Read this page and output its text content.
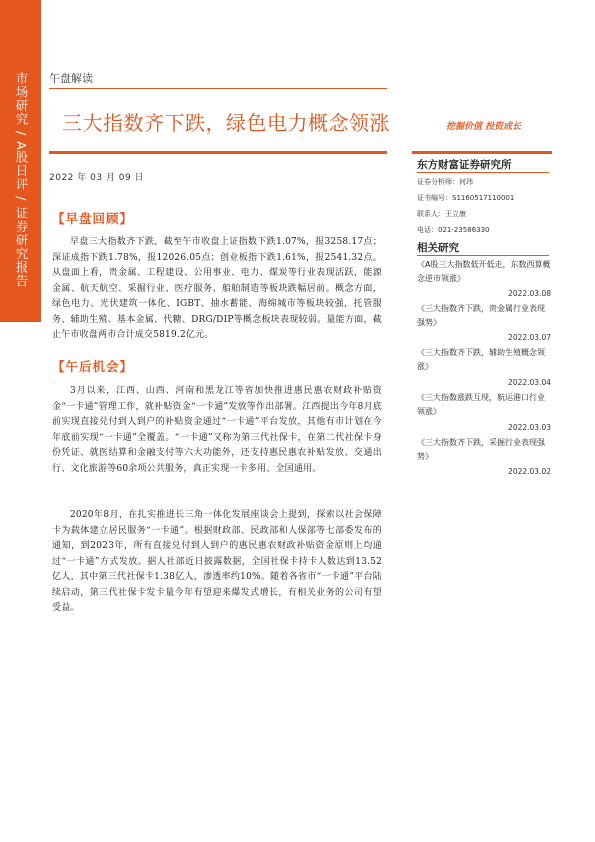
市场研究 / A股日评 / 证券研究报告	午盘解读
三大指数齐下跌，绿色电力概念领涨	挖掘价值 投资成长
2022 年 03 月 09 日
【早盘回顾】
早盘三大指数齐下跌，截至午市收盘上证指数下跌1.07%，报3258.17点；深证成指下跌1.78%，报12026.05点；创业板指下跌1.61%，报2541.32点。从盘面上看，贵金属、工程建设、公用事业、电力、煤炭等行业表现活跃，能源金属、航天航空、采掘行业、医疗服务、船舶制造等板块跌幅居前。概念方面，绿色电力、光伏建筑一体化、IGBT、抽水蓄能、海绵城市等板块较强，托管服务、辅助生殖、基本金属、代糖、DRG/DIP等概念板块表现较弱。量能方面，截止午市收盘两市合计成交5819.2亿元。
【午后机会】
3月以来，江西、山西、河南和黑龙江等省加快推进惠民惠农财政补贴资金“一卡通”管理工作，就补贴资金“一卡通”发放等作出部署。江西提出今年8月底前实现直接兑付到人到户的补贴资金通过“一卡通”平台发放，其他有市计划在今年底前实现“一卡通”全覆盖。“一卡通”又称为第三代社保卡，在第二代社保卡身份凭证、就医结算和金融支付等六大功能外，还支持惠民惠农补贴发放、交通出行、文化旅游等60余项公共服务，真正实现一卡多用、全国通用。
2020年8月，在扎实推进长三角一体化发展座谈会上提到，探索以社会保障卡为载体建立居民服务“一卡通”。根据财政部、民政部和人保部等七部委发布的通知，到2023年，所有直接兑付到人到户的惠民惠农财政补贴资金原则上均通过“一卡通”方式发放。据人社部近日披露数据，全国社保卡持卡人数达到13.52亿人，其中第三代社保卡1.38亿人，渗透率约10%。随着各省市“一卡通”平台陆续启动，第三代社保卡发卡量今年有望迎来爆发式增长，有相关业务的公司有望受益。
东方财富证券研究所
证券分析师：何玮
证书编号：S1160517110001
联系人：王立康
电话：021-23586330
相关研究
《A股三大指数低开低走，东数西算概念逆市领涨》
2022.03.08
《三大指数齐下跌，贵金属行业表现强势》
2022.03.07
《三大指数齐下跌，辅助生殖概念领涨》
2022.03.04
《三大指数涨跌互现，航运港口行业领涨》
2022.03.03
《三大指数齐下跌，采掘行业表现强势》
2022.03.02
